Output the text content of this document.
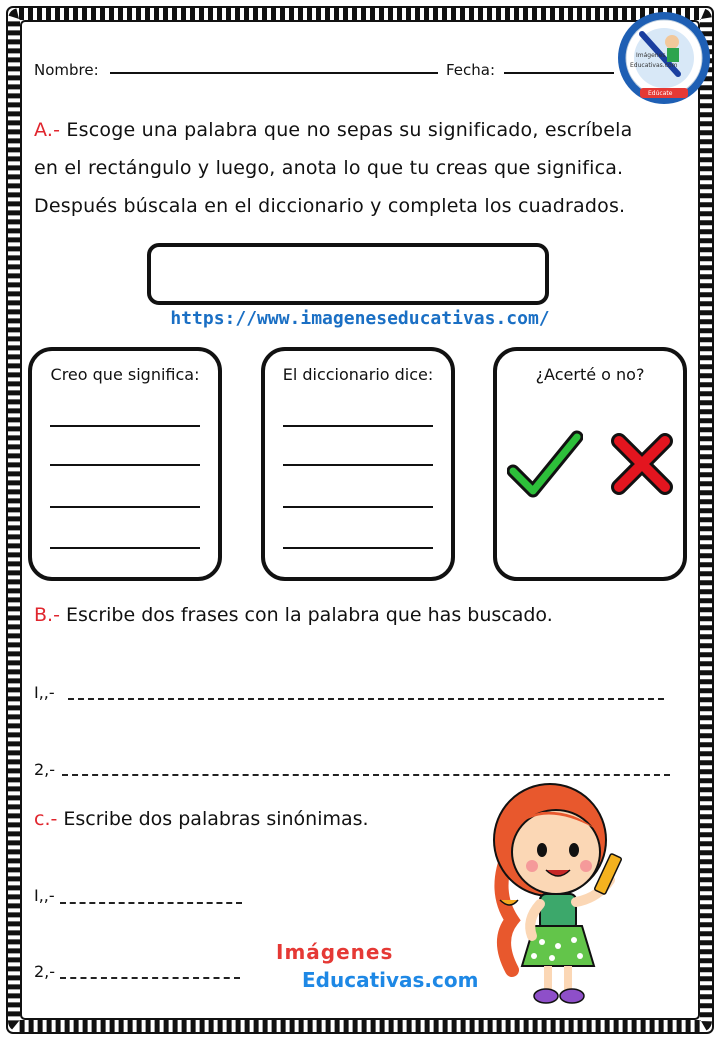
Nombre:	Fecha:
Imágenes
Educativas.com
Edúcate
A.- Escoge una palabra que no sepas su significado, escríbela
en el rectángulo y luego, anota lo que tu creas que significa.
Después búscala en el diccionario y completa los cuadrados.
https://www.imageneseducativas.com/
Creo que significa:	El diccionario dice:	¿Acerté o no?
B.- Escribe dos frases con la palabra que has buscado.
I,,-
2,-
c.- Escribe dos palabras sinónimas.
I,,-
2,-
Imágenes
Educativas.com
